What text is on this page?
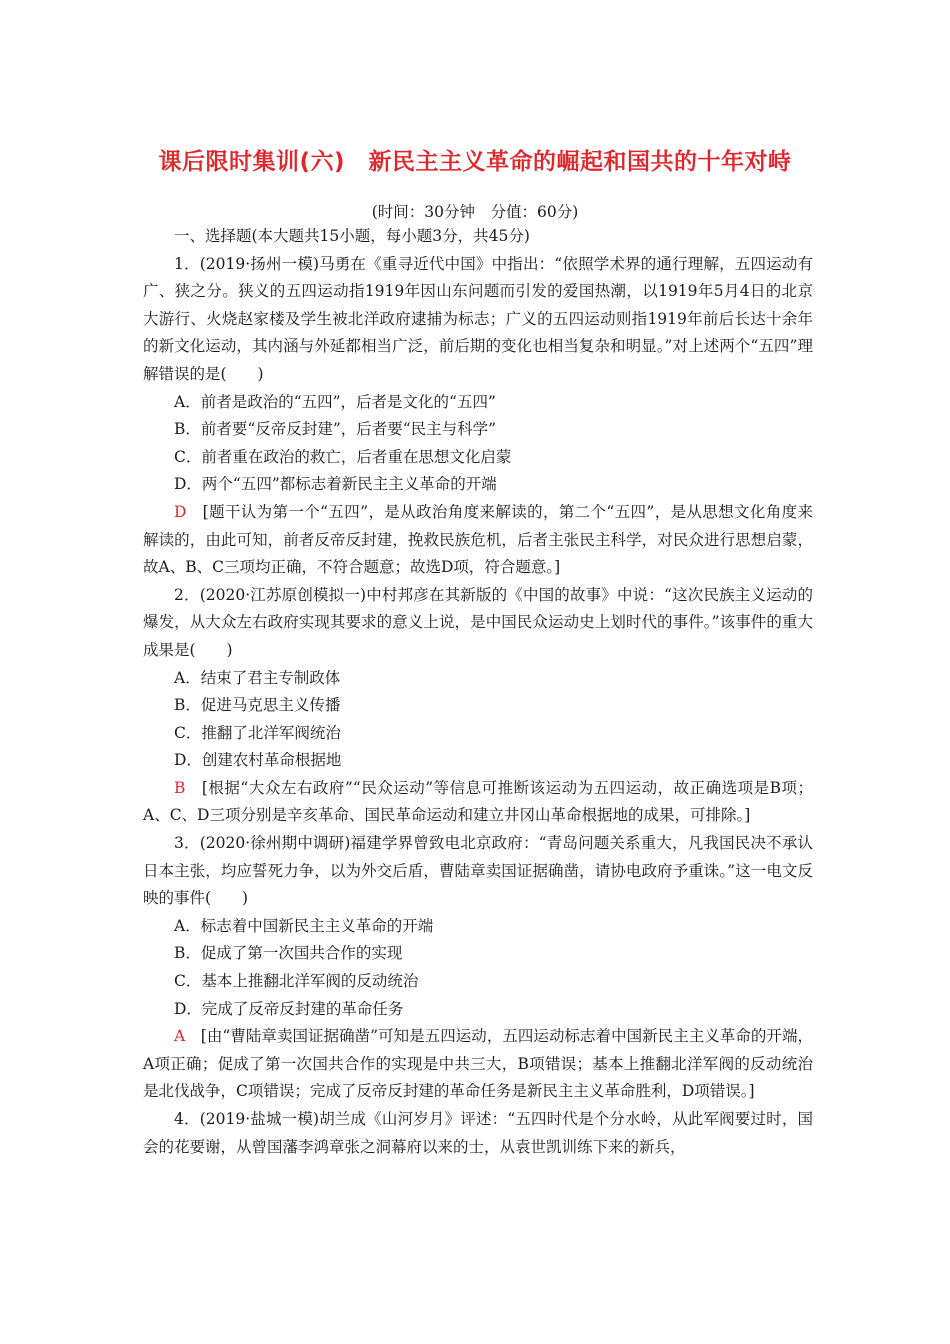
课后限时集训(六)　新民主主义革命的崛起和国共的十年对峙
(时间：30分钟　分值：60分)

一、选择题(本大题共15小题，每小题3分，共45分)

1．(2019·扬州一模)马勇在《重寻近代中国》中指出：“依照学术界的通行理解，五四运动有广、狭之分。狭义的五四运动指1919年因山东问题而引发的爱国热潮，以1919年5月4日的北京大游行、火烧赵家楼及学生被北洋政府逮捕为标志；广义的五四运动则指1919年前后长达十余年的新文化运动，其内涵与外延都相当广泛，前后期的变化也相当复杂和明显。”对上述两个“五四”理解错误的是(　　)

A．前者是政治的“五四”，后者是文化的“五四”

B．前者要“反帝反封建”，后者要“民主与科学”

C．前者重在政治的救亡，后者重在思想文化启蒙

D．两个“五四”都标志着新民主主义革命的开端

D　[题干认为第一个“五四”，是从政治角度来解读的，第二个“五四”，是从思想文化角度来解读的，由此可知，前者反帝反封建，挽救民族危机，后者主张民主科学，对民众进行思想启蒙，故A、B、C三项均正确，不符合题意；故选D项，符合题意。]

2．(2020·江苏原创模拟一)中村邦彦在其新版的《中国的故事》中说：“这次民族主义运动的爆发，从大众左右政府实现其要求的意义上说，是中国民众运动史上划时代的事件。”该事件的重大成果是(　　)

A．结束了君主专制政体

B．促进马克思主义传播

C．推翻了北洋军阀统治

D．创建农村革命根据地

B　[根据“大众左右政府”“民众运动”等信息可推断该运动为五四运动，故正确选项是B项；A、C、D三项分别是辛亥革命、国民革命运动和建立井冈山革命根据地的成果，可排除。]

3．(2020·徐州期中调研)福建学界曾致电北京政府：“青岛问题关系重大，凡我国民决不承认日本主张，均应誓死力争，以为外交后盾，曹陆章卖国证据确凿，请协电政府予重诛。”这一电文反映的事件(　　)

A．标志着中国新民主主义革命的开端

B．促成了第一次国共合作的实现

C．基本上推翻北洋军阀的反动统治

D．完成了反帝反封建的革命任务

A　[由“曹陆章卖国证据确凿”可知是五四运动，五四运动标志着中国新民主主义革命的开端，A项正确；促成了第一次国共合作的实现是中共三大，B项错误；基本上推翻北洋军阀的反动统治是北伐战争，C项错误；完成了反帝反封建的革命任务是新民主主义革命胜利，D项错误。]

4．(2019·盐城一模)胡兰成《山河岁月》评述：“五四时代是个分水岭，从此军阀要过时，国会的花要谢，从曾国藩李鸿章张之洞幕府以来的士，从袁世凯训练下来的新兵，
